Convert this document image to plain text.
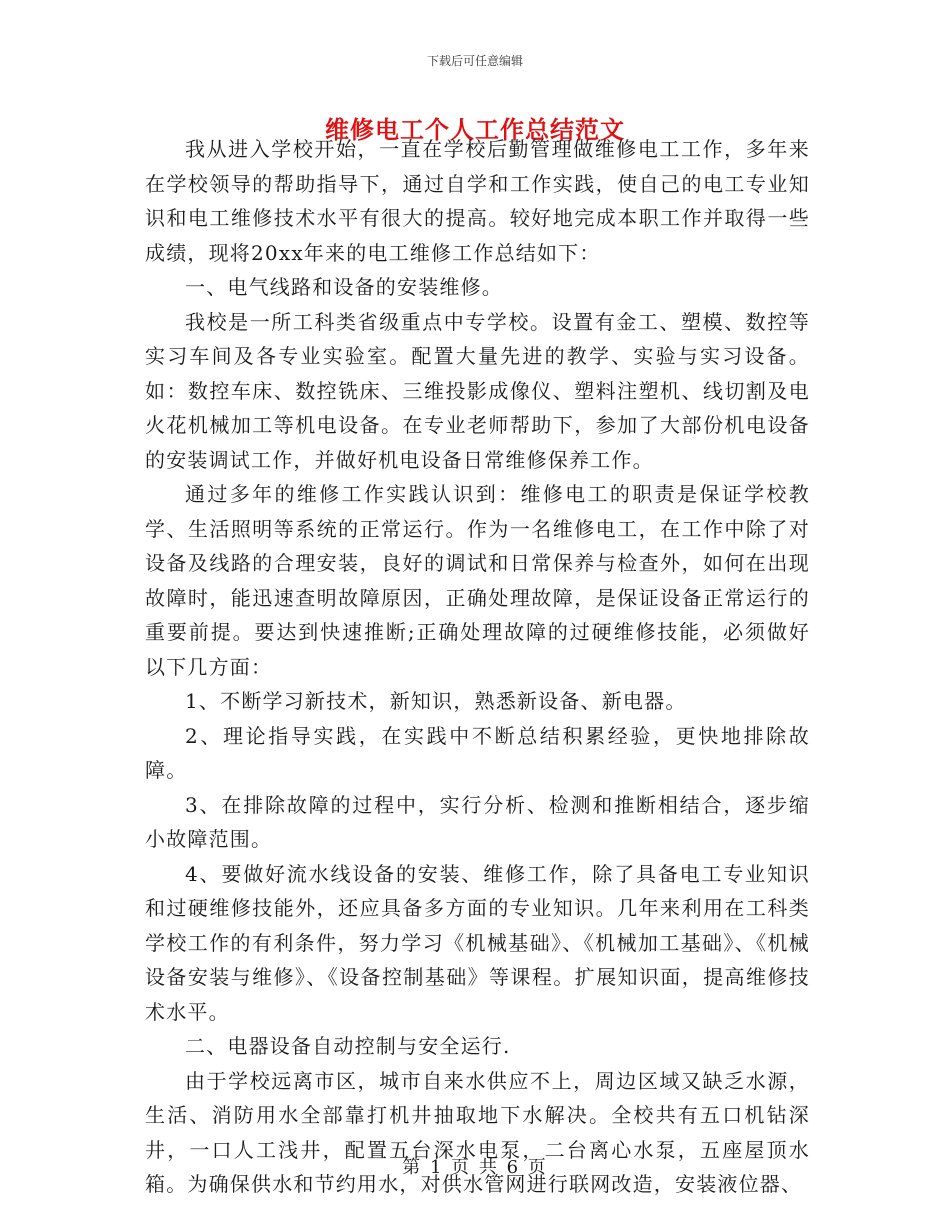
下载后可任意编辑
维修电工个人工作总结范文

我从进入学校开始，一直在学校后勤管理做维修电工工作，多年来在学校领导的帮助指导下，通过自学和工作实践，使自己的电工专业知识和电工维修技术水平有很大的提高。较好地完成本职工作并取得一些成绩，现将20xx年来的电工维修工作总结如下：

一、电气线路和设备的安装维修。

我校是一所工科类省级重点中专学校。设置有金工、塑模、数控等实习车间及各专业实验室。配置大量先进的教学、实验与实习设备。如：数控车床、数控铣床、三维投影成像仪、塑料注塑机、线切割及电火花机械加工等机电设备。在专业老师帮助下，参加了大部份机电设备的安装调试工作，并做好机电设备日常维修保养工作。

通过多年的维修工作实践认识到：维修电工的职责是保证学校教学、生活照明等系统的正常运行。作为一名维修电工，在工作中除了对设备及线路的合理安装，良好的调试和日常保养与检查外，如何在出现故障时，能迅速查明故障原因，正确处理故障，是保证设备正常运行的重要前提。要达到快速推断;正确处理故障的过硬维修技能，必须做好以下几方面：

1、不断学习新技术，新知识，熟悉新设备、新电器。

2、理论指导实践，在实践中不断总结积累经验，更快地排除故障。

3、在排除故障的过程中，实行分析、检测和推断相结合，逐步缩小故障范围。

4、要做好流水线设备的安装、维修工作，除了具备电工专业知识和过硬维修技能外，还应具备多方面的专业知识。几年来利用在工科类学校工作的有利条件，努力学习《机械基础》、《机械加工基础》、《机械设备安装与维修》、《设备控制基础》等课程。扩展知识面，提高维修技术水平。

二、电器设备自动控制与安全运行.

由于学校远离市区，城市自来水供应不上，周边区域又缺乏水源，生活、消防用水全部靠打机井抽取地下水解决。全校共有五口机钻深井，一口人工浅井，配置五台深水电泵，二台离心水泵，五座屋顶水箱。为确保供水和节约用水，对供水管网进行联网改造，安装液位器、

第 1 页 共 6 页
